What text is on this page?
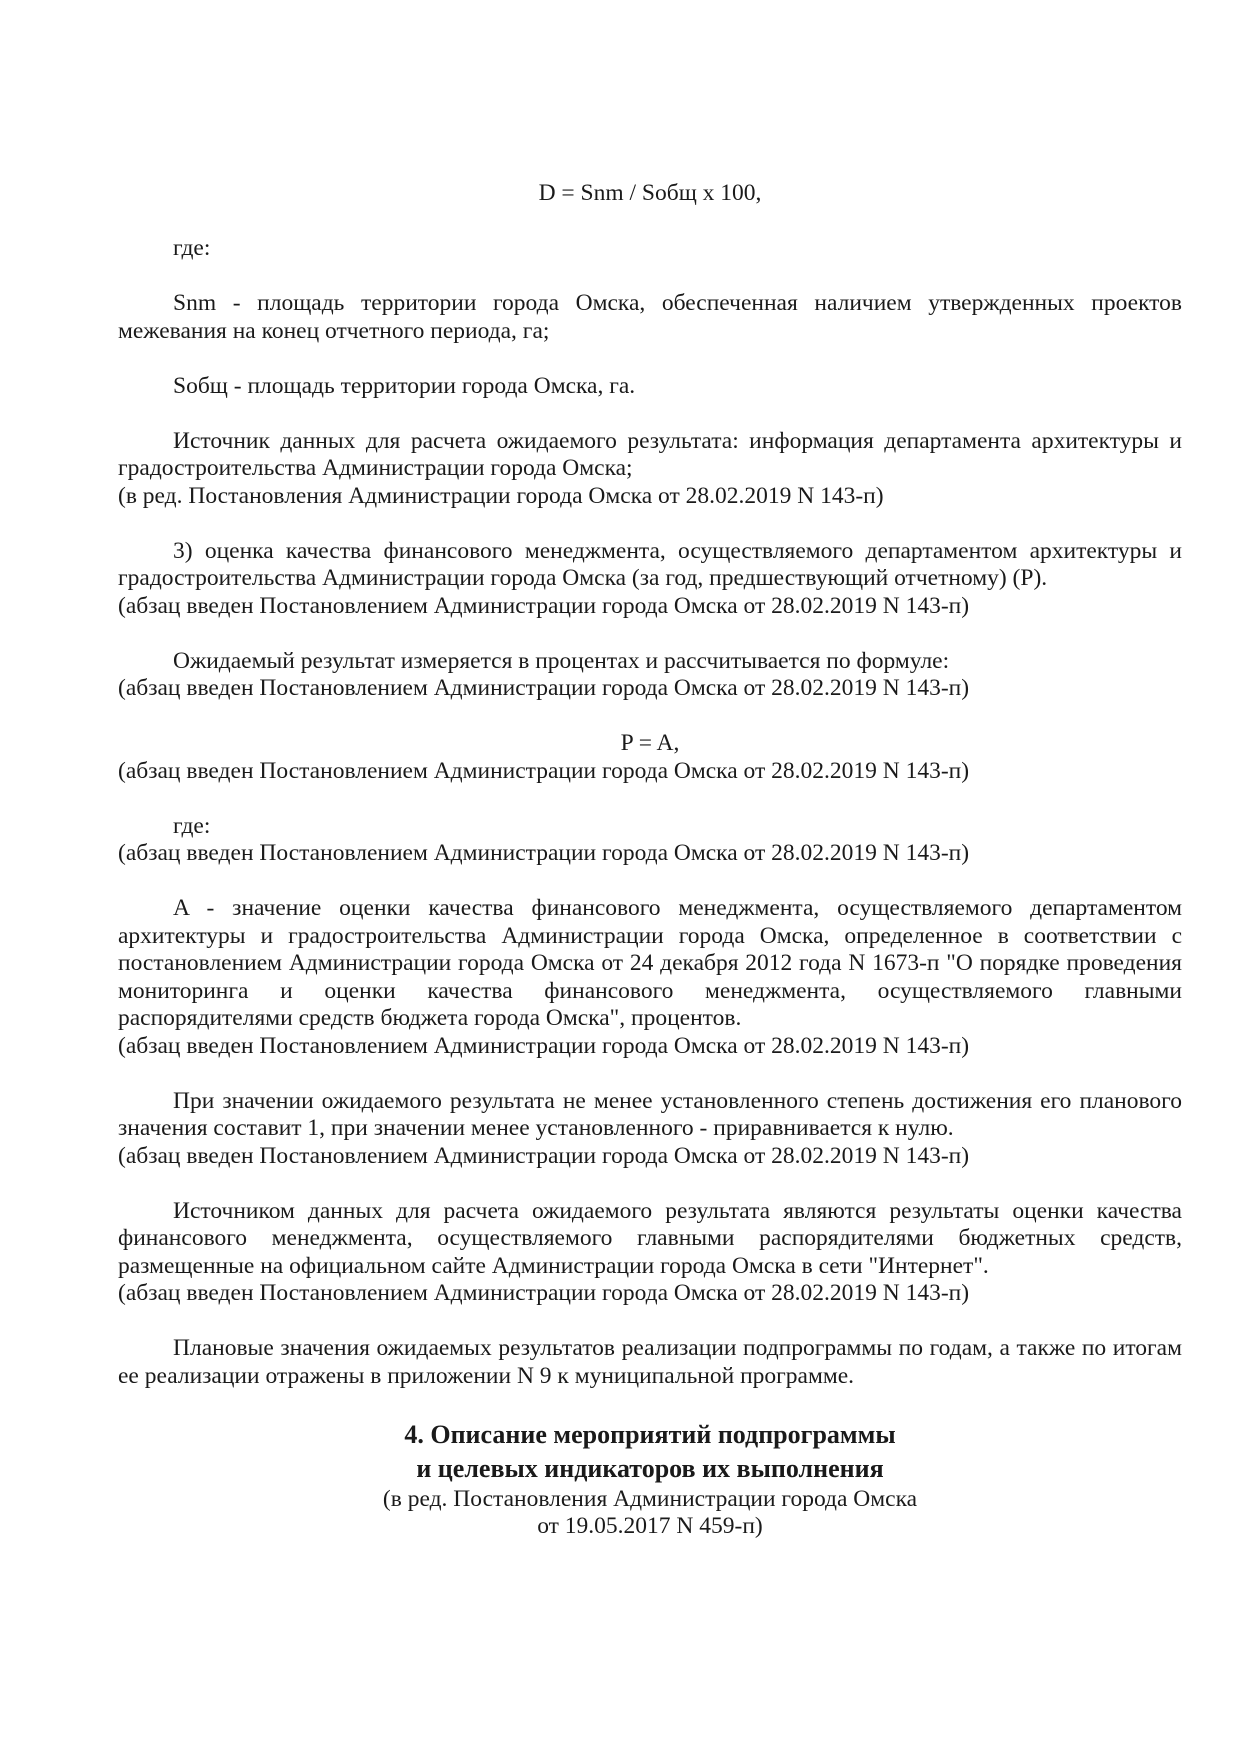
D = Snm / Sобщ x 100,

где:

Snm - площадь территории города Омска, обеспеченная наличием утвержденных проектов межевания на конец отчетного периода, га;

Sобщ - площадь территории города Омска, га.

Источник данных для расчета ожидаемого результата: информация департамента архитектуры и градостроительства Администрации города Омска;

(в ред. Постановления Администрации города Омска от 28.02.2019 N 143-п)

3) оценка качества финансового менеджмента, осуществляемого департаментом архитектуры и градостроительства Администрации города Омска (за год, предшествующий отчетному) (P).

(абзац введен Постановлением Администрации города Омска от 28.02.2019 N 143-п)

Ожидаемый результат измеряется в процентах и рассчитывается по формуле:

(абзац введен Постановлением Администрации города Омска от 28.02.2019 N 143-п)

P = A,

(абзац введен Постановлением Администрации города Омска от 28.02.2019 N 143-п)

где:

(абзац введен Постановлением Администрации города Омска от 28.02.2019 N 143-п)

A - значение оценки качества финансового менеджмента, осуществляемого департаментом архитектуры и градостроительства Администрации города Омска, определенное в соответствии с постановлением Администрации города Омска от 24 декабря 2012 года N 1673-п "О порядке проведения мониторинга и оценки качества финансового менеджмента, осуществляемого главными распорядителями средств бюджета города Омска", процентов.

(абзац введен Постановлением Администрации города Омска от 28.02.2019 N 143-п)

При значении ожидаемого результата не менее установленного степень достижения его планового значения составит 1, при значении менее установленного - приравнивается к нулю.

(абзац введен Постановлением Администрации города Омска от 28.02.2019 N 143-п)

Источником данных для расчета ожидаемого результата являются результаты оценки качества финансового менеджмента, осуществляемого главными распорядителями бюджетных средств, размещенные на официальном сайте Администрации города Омска в сети "Интернет".

(абзац введен Постановлением Администрации города Омска от 28.02.2019 N 143-п)

Плановые значения ожидаемых результатов реализации подпрограммы по годам, а также по итогам ее реализации отражены в приложении N 9 к муниципальной программе.

4. Описание мероприятий подпрограммы
и целевых индикаторов их выполнения

(в ред. Постановления Администрации города Омска
от 19.05.2017 N 459-п)
